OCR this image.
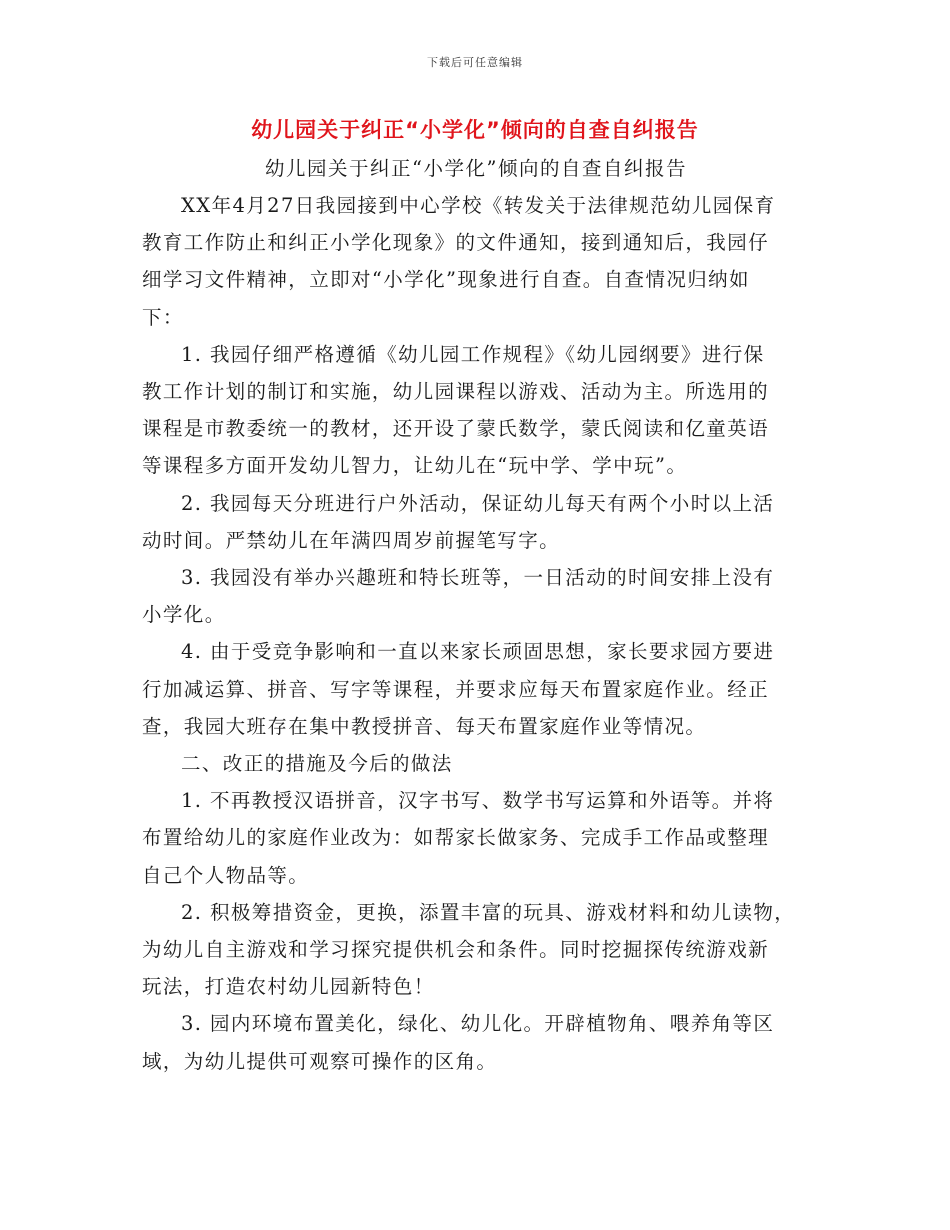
下载后可任意编辑
幼儿园关于纠正“小学化”倾向的自查自纠报告

幼儿园关于纠正“小学化”倾向的自查自纠报告

XX年4月27日我园接到中心学校《转发关于法律规范幼儿园保育
教育工作防止和纠正小学化现象》的文件通知，接到通知后，我园仔
细学习文件精神，立即对“小学化”现象进行自查。自查情况归纳如
下：
1. 我园仔细严格遵循《幼儿园工作规程》《幼儿园纲要》进行保
教工作计划的制订和实施，幼儿园课程以游戏、活动为主。所选用的
课程是市教委统一的教材，还开设了蒙氏数学，蒙氏阅读和亿童英语
等课程多方面开发幼儿智力，让幼儿在“玩中学、学中玩”。
2. 我园每天分班进行户外活动，保证幼儿每天有两个小时以上活
动时间。严禁幼儿在年满四周岁前握笔写字。
3. 我园没有举办兴趣班和特长班等，一日活动的时间安排上没有
小学化。
4. 由于受竞争影响和一直以来家长顽固思想，家长要求园方要进
行加减运算、拼音、写字等课程，并要求应每天布置家庭作业。经正
查，我园大班存在集中教授拼音、每天布置家庭作业等情况。
二、改正的措施及今后的做法
1. 不再教授汉语拼音，汉字书写、数学书写运算和外语等。并将
布置给幼儿的家庭作业改为：如帮家长做家务、完成手工作品或整理
自己个人物品等。
2. 积极筹措资金，更换，添置丰富的玩具、游戏材料和幼儿读物，
为幼儿自主游戏和学习探究提供机会和条件。同时挖掘探传统游戏新
玩法，打造农村幼儿园新特色！
3. 园内环境布置美化，绿化、幼儿化。开辟植物角、喂养角等区
域，为幼儿提供可观察可操作的区角。
